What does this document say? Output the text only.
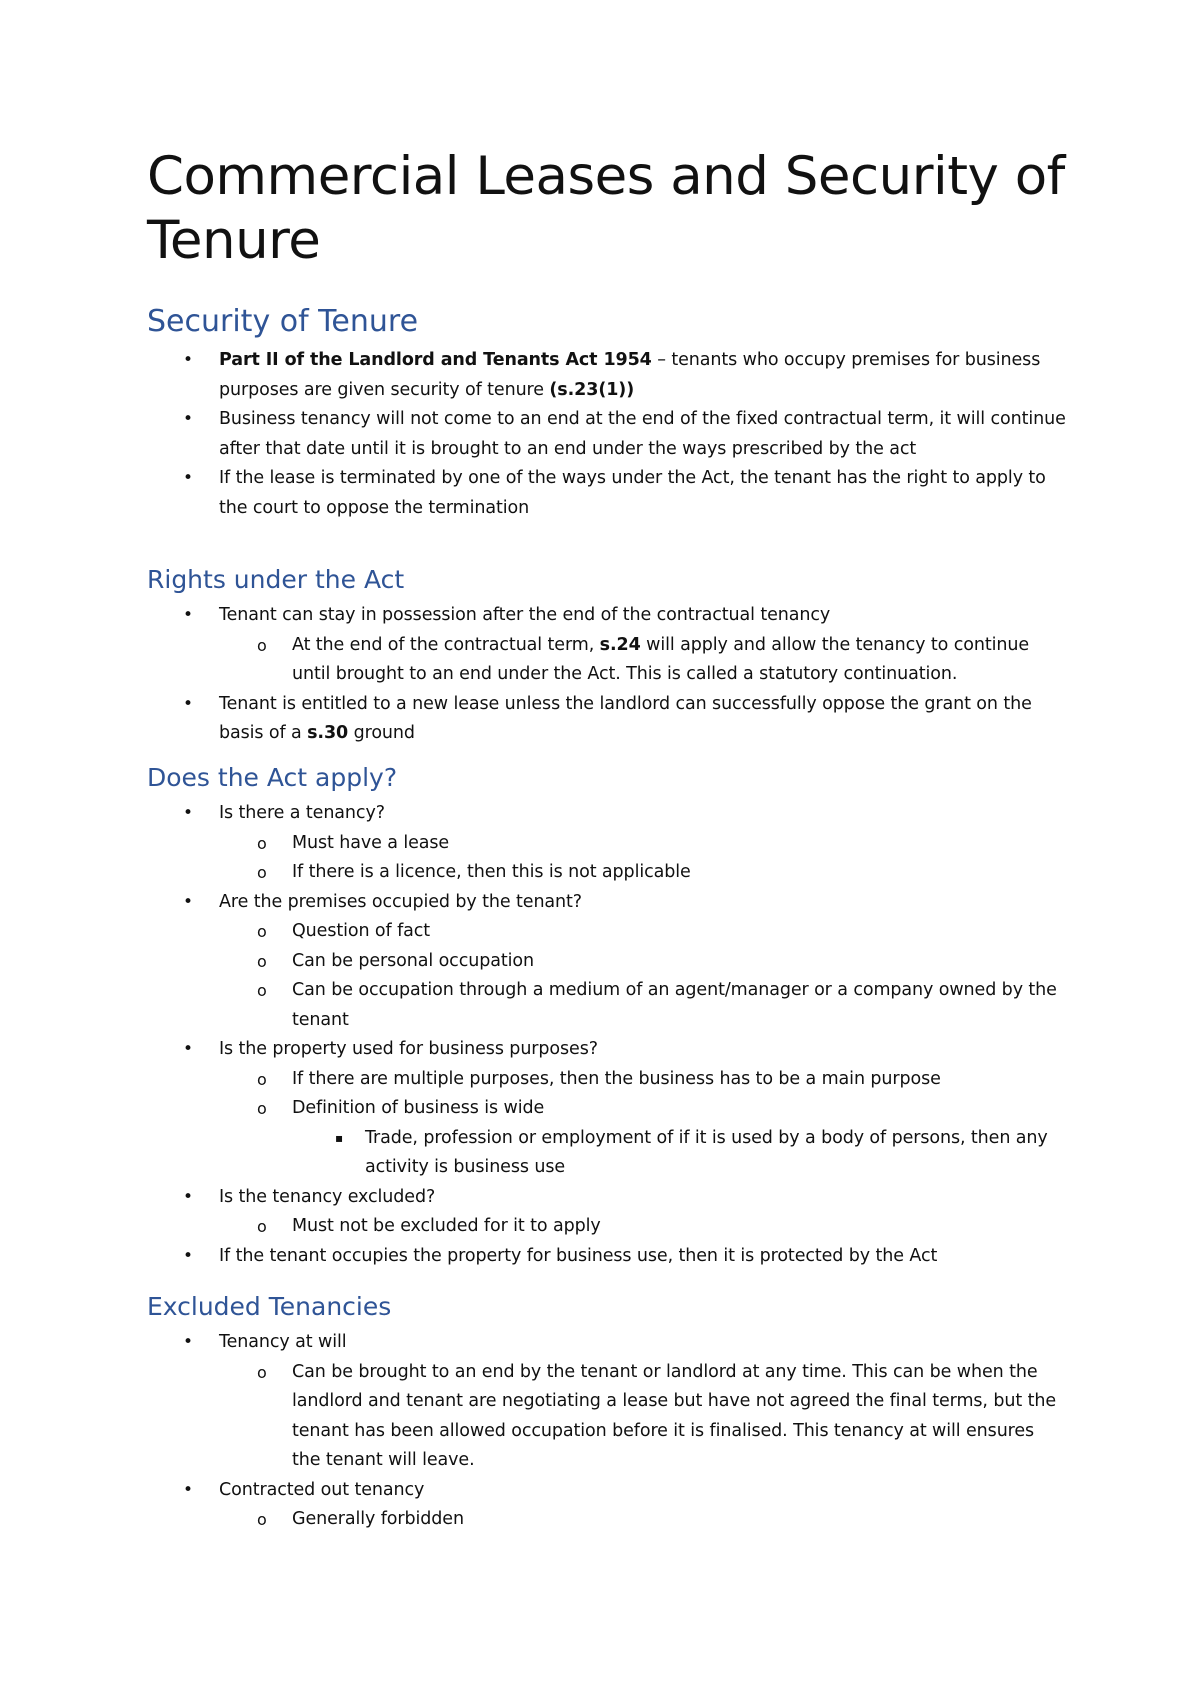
Commercial Leases and Security of Tenure
Security of Tenure
• Part II of the Landlord and Tenants Act 1954 – tenants who occupy premises for business purposes are given security of tenure (s.23(1))
• Business tenancy will not come to an end at the end of the fixed contractual term, it will continue after that date until it is brought to an end under the ways prescribed by the act
• If the lease is terminated by one of the ways under the Act, the tenant has the right to apply to the court to oppose the termination
Rights under the Act
• Tenant can stay in possession after the end of the contractual tenancy
o At the end of the contractual term, s.24 will apply and allow the tenancy to continue until brought to an end under the Act. This is called a statutory continuation.
• Tenant is entitled to a new lease unless the landlord can successfully oppose the grant on the basis of a s.30 ground
Does the Act apply?
• Is there a tenancy?
o Must have a lease
o If there is a licence, then this is not applicable
• Are the premises occupied by the tenant?
o Question of fact
o Can be personal occupation
o Can be occupation through a medium of an agent/manager or a company owned by the tenant
• Is the property used for business purposes?
o If there are multiple purposes, then the business has to be a main purpose
o Definition of business is wide
▪ Trade, profession or employment of if it is used by a body of persons, then any activity is business use
• Is the tenancy excluded?
o Must not be excluded for it to apply
• If the tenant occupies the property for business use, then it is protected by the Act
Excluded Tenancies
• Tenancy at will
o Can be brought to an end by the tenant or landlord at any time. This can be when the landlord and tenant are negotiating a lease but have not agreed the final terms, but the tenant has been allowed occupation before it is finalised. This tenancy at will ensures the tenant will leave.
• Contracted out tenancy
o Generally forbidden
